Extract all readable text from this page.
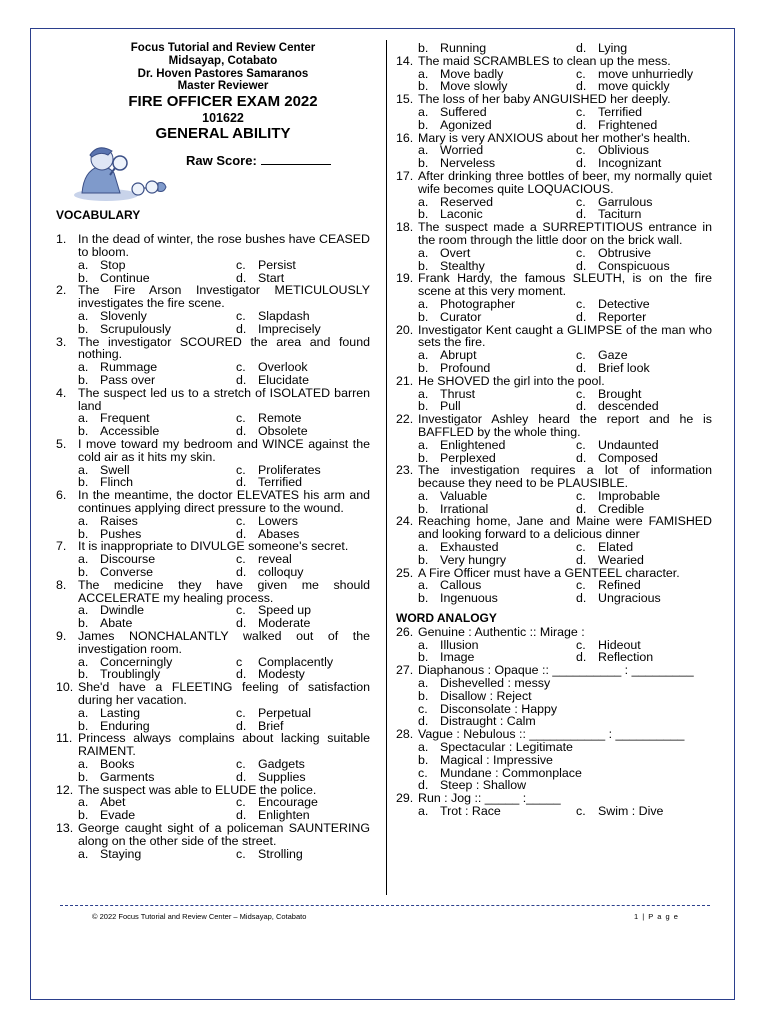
Focus Tutorial and Review Center
Midsayap, Cotabato
Dr. Hoven Pastores Samaranos
Master Reviewer
FIRE OFFICER EXAM 2022
101622
GENERAL ABILITY
Raw Score:
VOCABULARY
1. In the dead of winter, the rose bushes have CEASED to bloom.
a. Stop	c. Persist
b. Continue	d. Start
2. The Fire Arson Investigator METICULOUSLY investigates the fire scene.
a. Slovenly	c. Slapdash
b. Scrupulously	d. Imprecisely
3. The investigator SCOURED the area and found nothing.
a. Rummage	c. Overlook
b. Pass over	d. Elucidate
4. The suspect led us to a stretch of ISOLATED barren land
a. Frequent	c. Remote
b. Accessible	d. Obsolete
5. I move toward my bedroom and WINCE against the cold air as it hits my skin.
a. Swell	c. Proliferates
b. Flinch	d. Terrified
6. In the meantime, the doctor ELEVATES his arm and continues applying direct pressure to the wound.
a. Raises	c. Lowers
b. Pushes	d. Abases
7. It is inappropriate to DIVULGE someone's secret.
a. Discourse	c. reveal
b. Converse	d. colloquy
8. The medicine they have given me should ACCELERATE my healing process.
a. Dwindle	c. Speed up
b. Abate	d. Moderate
9. James NONCHALANTLY walked out of the investigation room.
a. Concerningly	c	Complacently
b. Troublingly	d. Modesty
10. She'd have a FLEETING feeling of satisfaction during her vacation.
a. Lasting	c. Perpetual
b. Enduring	d. Brief
11. Princess always complains about lacking suitable RAIMENT.
a. Books	c. Gadgets
b. Garments	d. Supplies
12. The suspect was able to ELUDE the police.
a. Abet	c. Encourage
b. Evade	d. Enlighten
13. George caught sight of a policeman SAUNTERING along on the other side of the street.
a. Staying	c. Strolling
b. Running	d. Lying
14. The maid SCRAMBLES to clean up the mess.
a. Move badly	c. move unhurriedly
b. Move slowly	d. move quickly
15. The loss of her baby ANGUISHED her deeply.
a. Suffered	c. Terrified
b. Agonized	d. Frightened
16. Mary is very ANXIOUS about her mother's health.
a. Worried	c. Oblivious
b. Nerveless	d. Incognizant
17. After drinking three bottles of beer, my normally quiet wife becomes quite LOQUACIOUS.
a. Reserved	c. Garrulous
b. Laconic	d. Taciturn
18. The suspect made a SURREPTITIOUS entrance in the room through the little door on the brick wall.
a. Overt	c. Obtrusive
b. Stealthy	d. Conspicuous
19. Frank Hardy, the famous SLEUTH, is on the fire scene at this very moment.
a. Photographer	c. Detective
b. Curator	d. Reporter
20. Investigator Kent caught a GLIMPSE of the man who sets the fire.
a. Abrupt	c. Gaze
b. Profound	d. Brief look
21. He SHOVED the girl into the pool.
a. Thrust	c. Brought
b. Pull	d. descended
22. Investigator Ashley heard the report and he is BAFFLED by the whole thing.
a. Enlightened	c. Undaunted
b. Perplexed	d. Composed
23. The investigation requires a lot of information because they need to be PLAUSIBLE.
a. Valuable	c. Improbable
b. Irrational	d. Credible
24. Reaching home, Jane and Maine were FAMISHED and looking forward to a delicious dinner
a. Exhausted	c. Elated
b. Very hungry	d. Wearied
25. A Fire Officer must have a GENTEEL character.
a. Callous	c. Refined
b. Ingenuous	d. Ungracious
WORD ANALOGY
26. Genuine : Authentic :: Mirage :
a. Illusion	c. Hideout
b. Image	d. Reflection
27. Diaphanous : Opaque :: __________ : _________
a. Dishevelled : messy
b. Disallow : Reject
c. Disconsolate : Happy
d. Distraught : Calm
28. Vague : Nebulous :: ___________ : __________
a. Spectacular : Legitimate
b. Magical : Impressive
c. Mundane : Commonplace
d. Steep : Shallow
29. Run : Jog :: _____ :_____
a. Trot : Race	c. Swim : Dive
© 2022 Focus Tutorial and Review Center – Midsayap, Cotabato	1 | P a g e
